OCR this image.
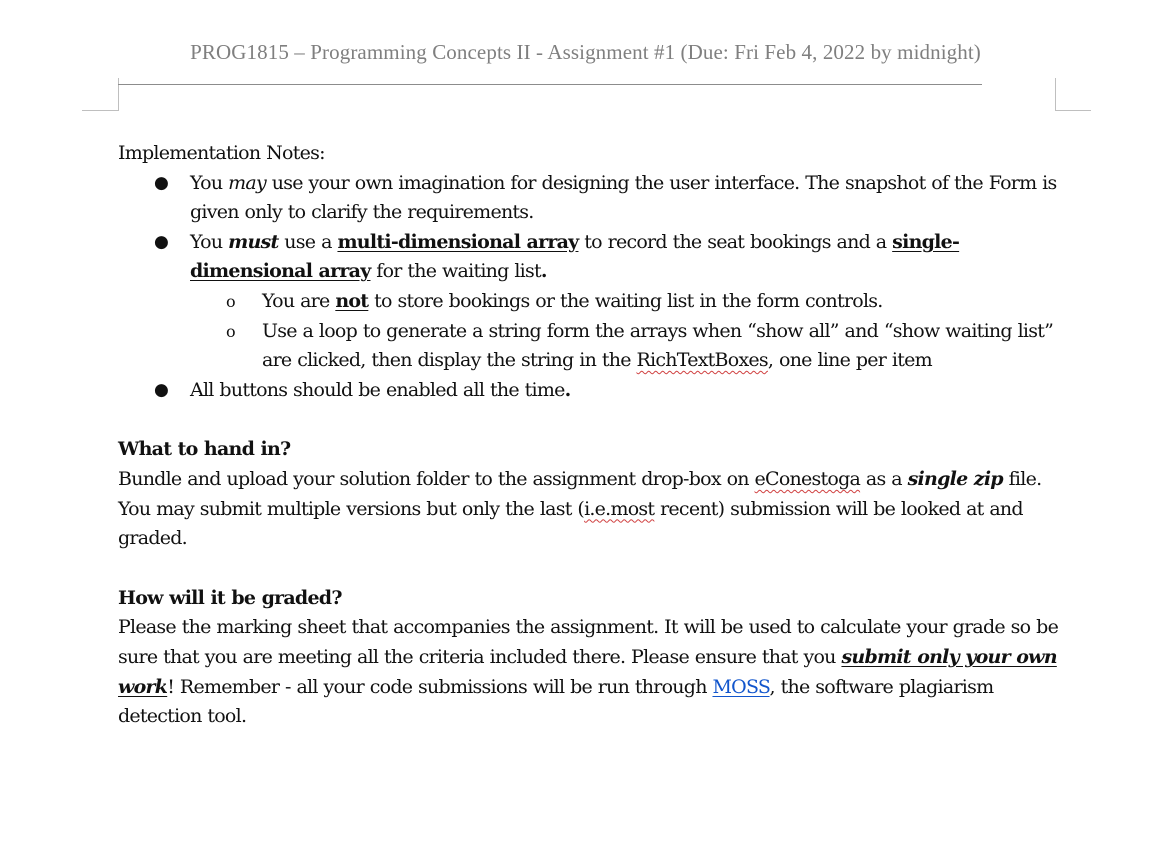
PROG1815 – Programming Concepts II - Assignment #1 (Due: Fri Feb 4, 2022 by midnight)

Implementation Notes:

● You may use your own imagination for designing the user interface. The snapshot of the Form is given only to clarify the requirements.
● You must use a multi-dimensional array to record the seat bookings and a single-dimensional array for the waiting list.
o You are not to store bookings or the waiting list in the form controls.
o Use a loop to generate a string form the arrays when “show all” and “show waiting list” are clicked, then display the string in the RichTextBoxes, one line per item
● All buttons should be enabled all the time.

What to hand in?

Bundle and upload your solution folder to the assignment drop-box on eConestoga as a single zip file. You may submit multiple versions but only the last (i.e.most recent) submission will be looked at and graded.

How will it be graded?

Please the marking sheet that accompanies the assignment. It will be used to calculate your grade so be sure that you are meeting all the criteria included there. Please ensure that you submit only your own work! Remember - all your code submissions will be run through MOSS, the software plagiarism detection tool.
